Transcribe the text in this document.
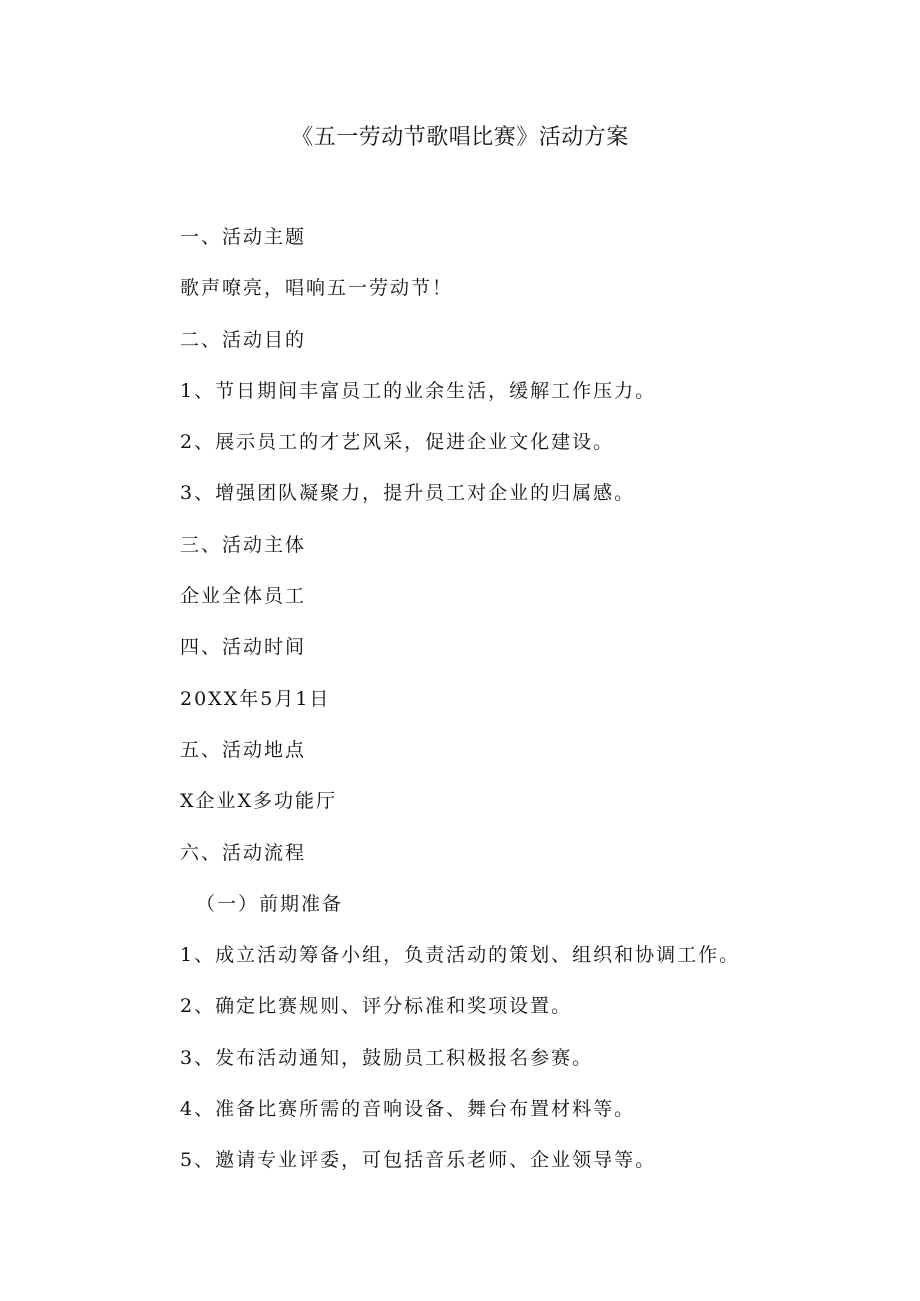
《五一劳动节歌唱比赛》活动方案

一、活动主题

歌声嘹亮，唱响五一劳动节！

二、活动目的

1、节日期间丰富员工的业余生活，缓解工作压力。

2、展示员工的才艺风采，促进企业文化建设。

3、增强团队凝聚力，提升员工对企业的归属感。

三、活动主体

企业全体员工

四、活动时间

20XX年5月1日

五、活动地点

X企业X多功能厅

六、活动流程

（一）前期准备

1、成立活动筹备小组，负责活动的策划、组织和协调工作。

2、确定比赛规则、评分标准和奖项设置。

3、发布活动通知，鼓励员工积极报名参赛。

4、准备比赛所需的音响设备、舞台布置材料等。

5、邀请专业评委，可包括音乐老师、企业领导等。
